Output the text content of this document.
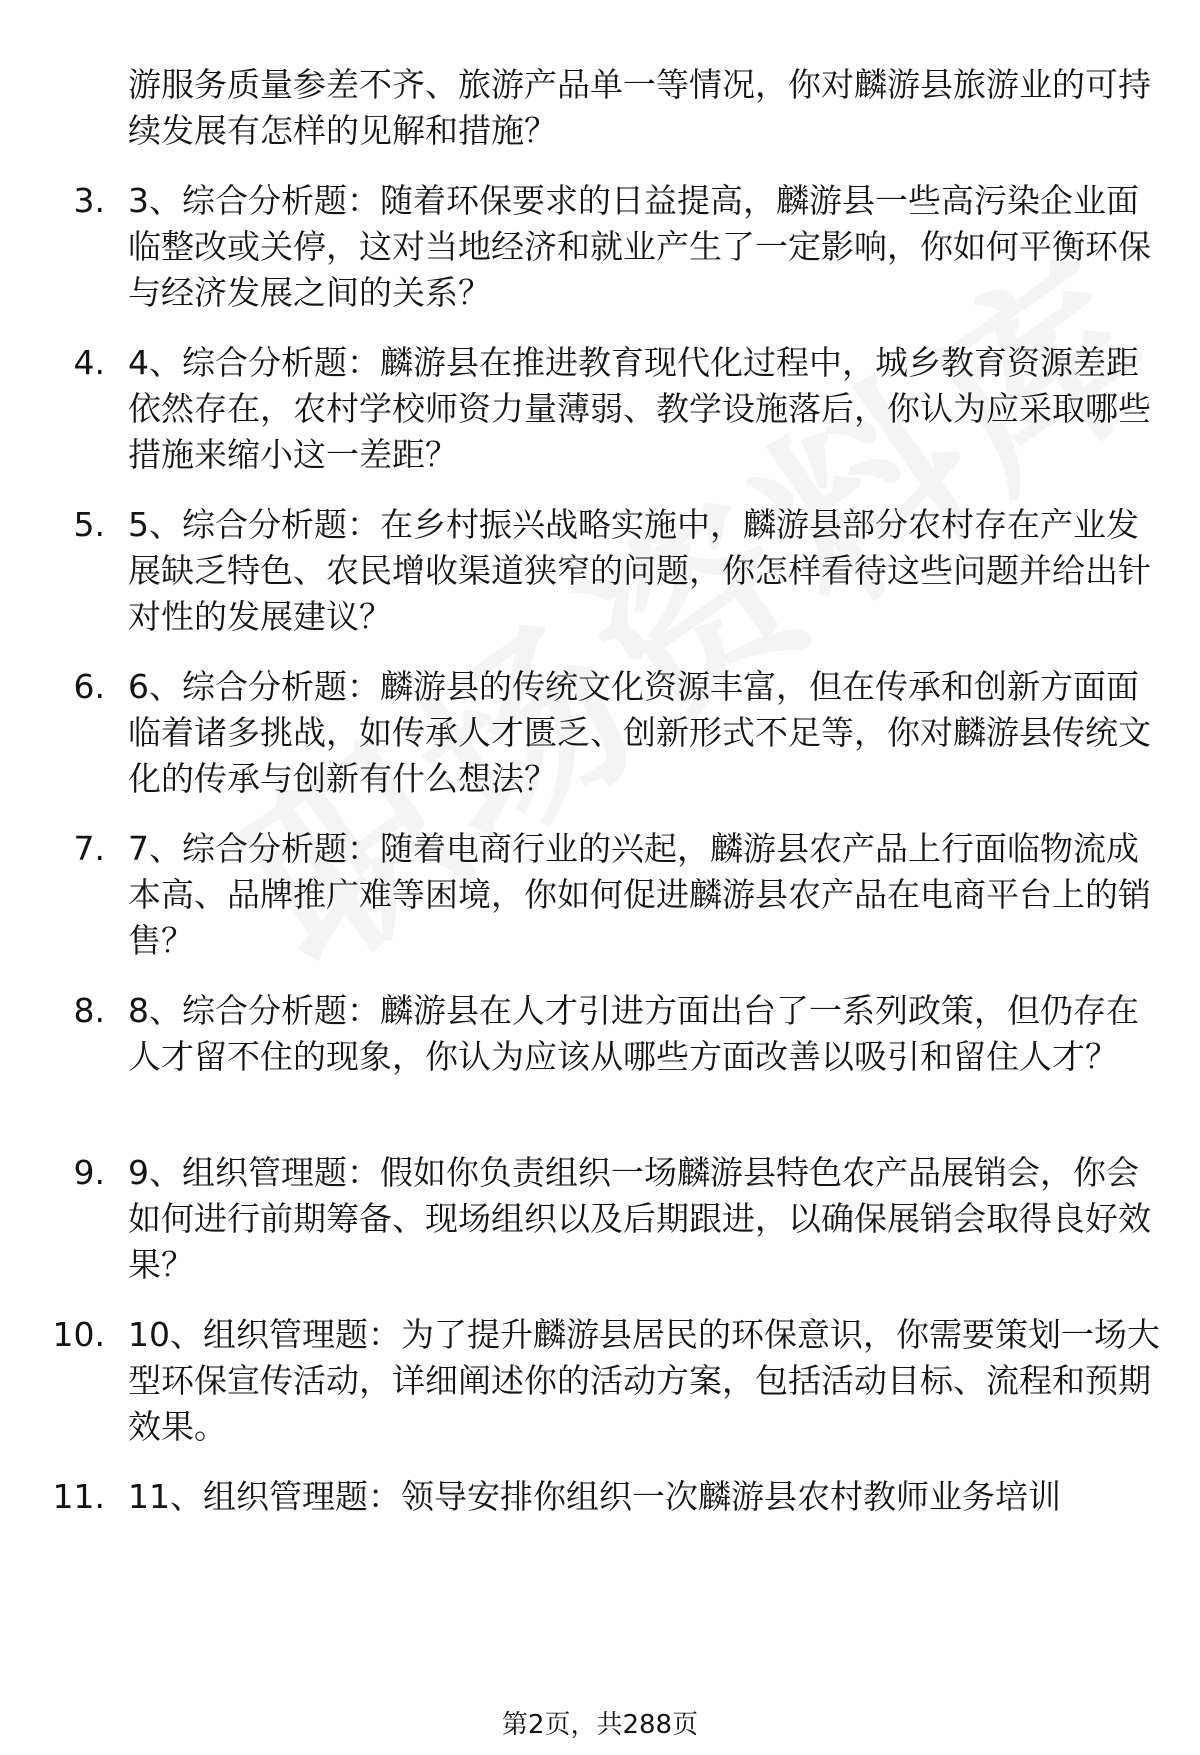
游服务质量参差不齐、旅游产品单一等情况，你对麟游县旅游业的可持续发展有怎样的见解和措施？

3. 3、综合分析题：随着环保要求的日益提高，麟游县一些高污染企业面临整改或关停，这对当地经济和就业产生了一定影响，你如何平衡环保与经济发展之间的关系？

4. 4、综合分析题：麟游县在推进教育现代化过程中，城乡教育资源差距依然存在，农村学校师资力量薄弱、教学设施落后，你认为应采取哪些措施来缩小这一差距？

5. 5、综合分析题：在乡村振兴战略实施中，麟游县部分农村存在产业发展缺乏特色、农民增收渠道狭窄的问题，你怎样看待这些问题并给出针对性的发展建议？

6. 6、综合分析题：麟游县的传统文化资源丰富，但在传承和创新方面面临着诸多挑战，如传承人才匮乏、创新形式不足等，你对麟游县传统文化的传承与创新有什么想法？

7. 7、综合分析题：随着电商行业的兴起，麟游县农产品上行面临物流成本高、品牌推广难等困境，你如何促进麟游县农产品在电商平台上的销售？

8. 8、综合分析题：麟游县在人才引进方面出台了一系列政策，但仍存在人才留不住的现象，你认为应该从哪些方面改善以吸引和留住人才？

9. 9、组织管理题：假如你负责组织一场麟游县特色农产品展销会，你会如何进行前期筹备、现场组织以及后期跟进，以确保展销会取得良好效果？

10. 10、组织管理题：为了提升麟游县居民的环保意识，你需要策划一场大型环保宣传活动，详细阐述你的活动方案，包括活动目标、流程和预期效果。

11. 11、组织管理题：领导安排你组织一次麟游县农村教师业务培训

第2页，共288页
